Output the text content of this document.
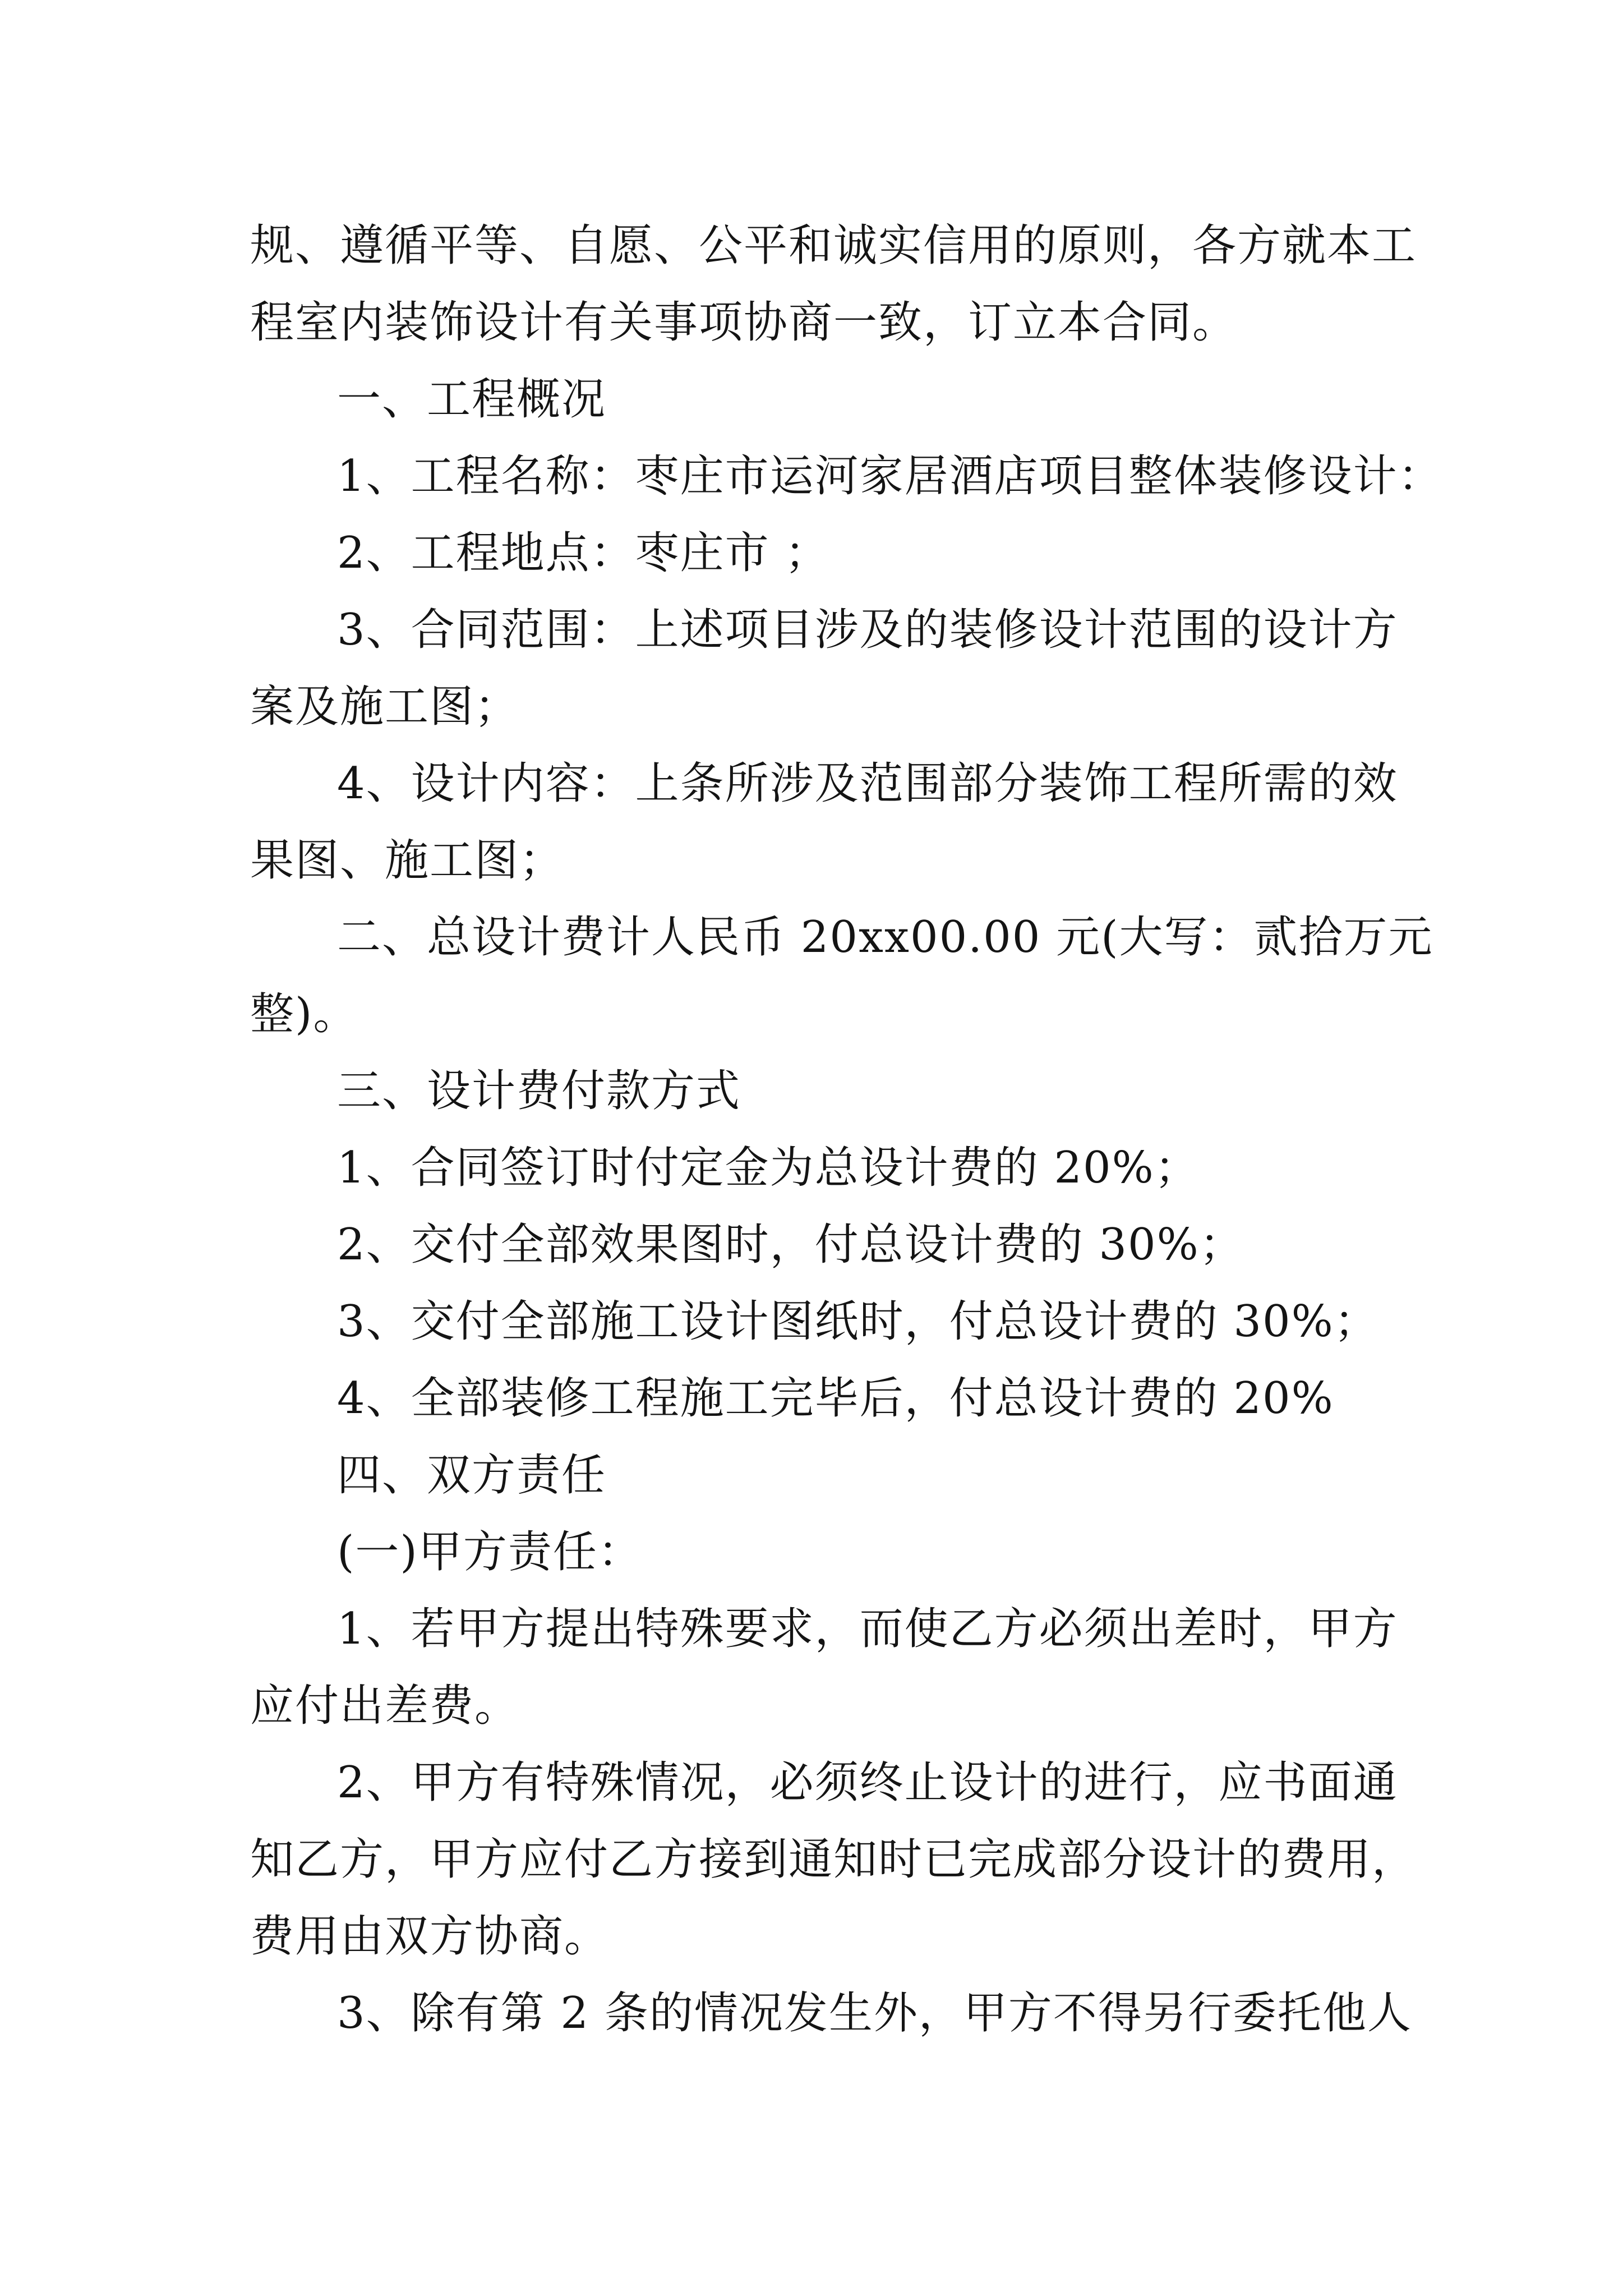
规、遵循平等、自愿、公平和诚实信用的原则，各方就本工
程室内装饰设计有关事项协商一致，订立本合同。
一、工程概况
1、工程名称：枣庄市运河家居酒店项目整体装修设计：
2、工程地点：枣庄市 ；
3、合同范围：上述项目涉及的装修设计范围的设计方
案及施工图；
4、设计内容：上条所涉及范围部分装饰工程所需的效
果图、施工图；
二、总设计费计人民币 20xx00.00 元(大写：贰拾万元
整)。
三、设计费付款方式
1、合同签订时付定金为总设计费的 20%；
2、交付全部效果图时，付总设计费的 30%；
3、交付全部施工设计图纸时，付总设计费的 30%；
4、全部装修工程施工完毕后，付总设计费的 20%
四、双方责任
(一)甲方责任：
1、若甲方提出特殊要求，而使乙方必须出差时，甲方
应付出差费。
2、甲方有特殊情况，必须终止设计的进行，应书面通
知乙方，甲方应付乙方接到通知时已完成部分设计的费用，
费用由双方协商。
3、除有第 2 条的情况发生外，甲方不得另行委托他人
